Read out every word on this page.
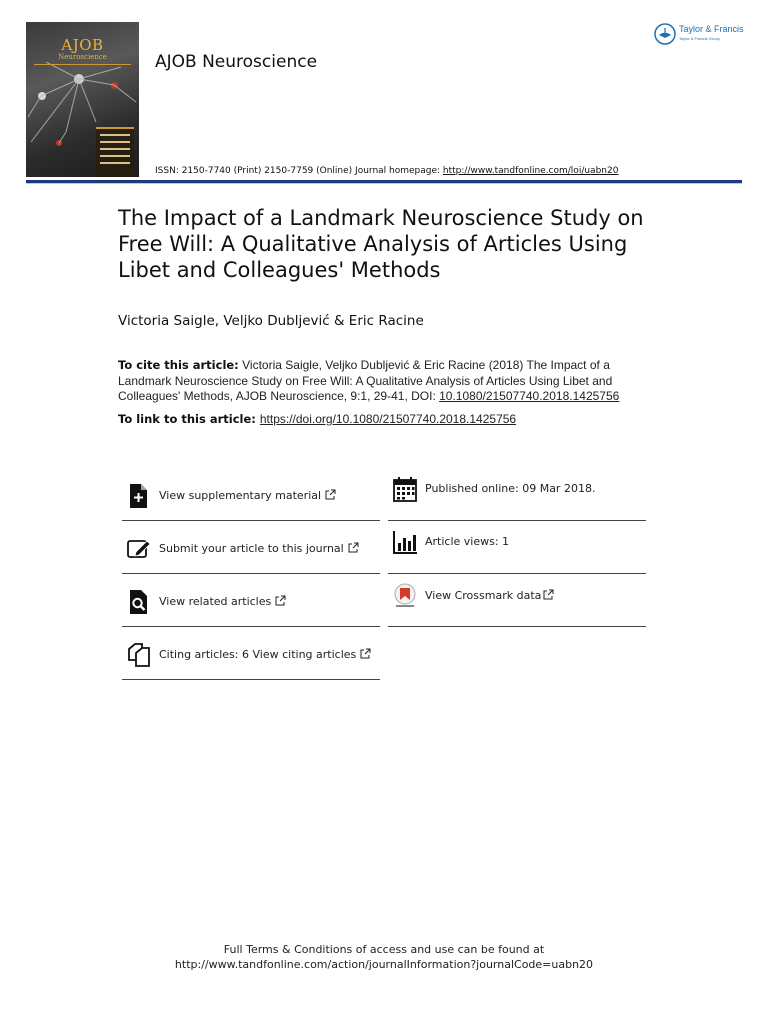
AJOB
Neuroscience	AJOB Neuroscience
ISSN: 2150-7740 (Print) 2150-7759 (Online) Journal homepage: http://www.tandfonline.com/loi/uabn20
Taylor & Francis
Taylor & Francis Group
The Impact of a Landmark Neuroscience Study on Free Will: A Qualitative Analysis of Articles Using Libet and Colleagues' Methods
Victoria Saigle, Veljko Dubljević & Eric Racine
To cite this article: Victoria Saigle, Veljko Dubljević & Eric Racine (2018) The Impact of a Landmark Neuroscience Study on Free Will: A Qualitative Analysis of Articles Using Libet and Colleagues' Methods, AJOB Neuroscience, 9:1, 29-41, DOI: 10.1080/21507740.2018.1425756
To link to this article: https://doi.org/10.1080/21507740.2018.1425756
View supplementary material
Submit your article to this journal
View related articles
Citing articles: 6 View citing articles
Published online: 09 Mar 2018.
Article views: 1
View Crossmark data
Full Terms & Conditions of access and use can be found at
http://www.tandfonline.com/action/journalInformation?journalCode=uabn20
